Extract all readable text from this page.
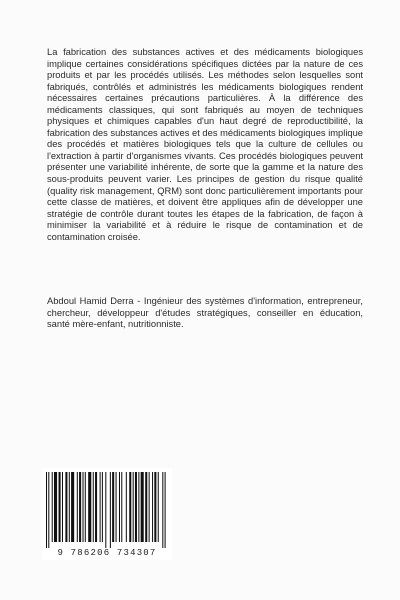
La fabrication des substances actives et des médicaments biologiques implique certaines considérations spécifiques dictées par la nature de ces produits et par les procédés utilisés. Les méthodes selon lesquelles sont fabriqués, contrôlés et administrés les médicaments biologiques rendent nécessaires certaines précautions particulières. À la différence des médicaments classiques, qui sont fabriqués au moyen de techniques physiques et chimiques capables d'un haut degré de reproductibilité, la fabrication des substances actives et des médicaments biologiques implique des procédés et matières biologiques tels que la culture de cellules ou l'extraction à partir d'organismes vivants. Ces procédés biologiques peuvent présenter une variabilité inhérente, de sorte que la gamme et la nature des sous-produits peuvent varier. Les principes de gestion du risque qualité (quality risk management, QRM) sont donc particulièrement importants pour cette classe de matières, et doivent être appliques afin de développer une stratégie de contrôle durant toutes les étapes de la fabrication, de façon à minimiser la variabilité et à réduire le risque de contamination et de contamination croisée.

Abdoul Hamid Derra - Ingénieur des systèmes d'information, entrepreneur, chercheur, développeur d'études stratégiques, conseiller en éducation, santé mère-enfant, nutritionniste.

9 786206 734307
